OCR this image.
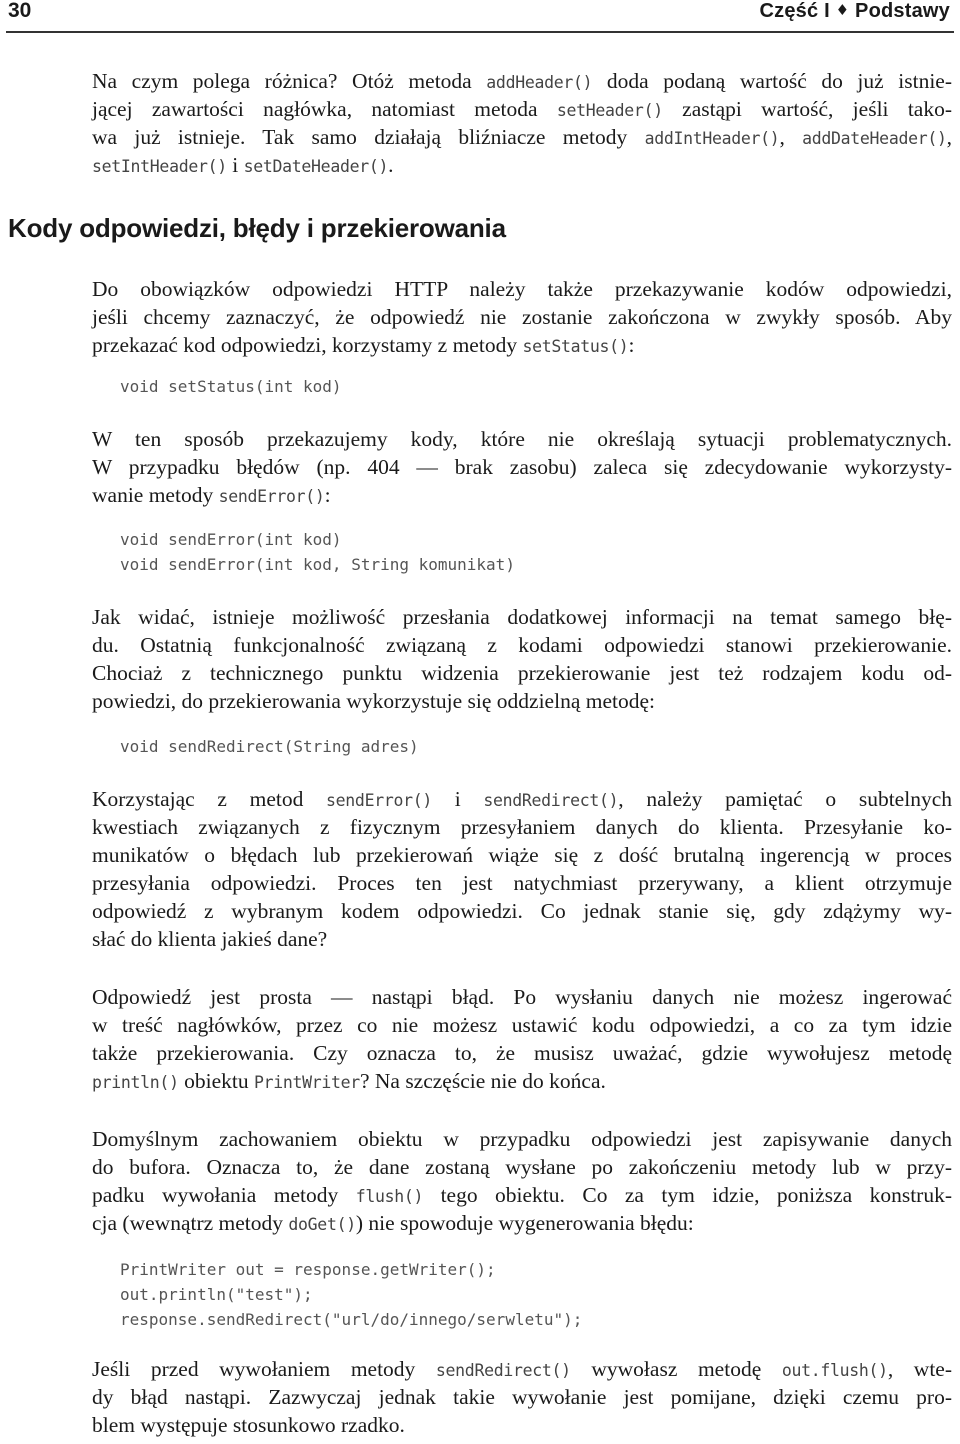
30	Część I ♦ Podstawy
Na czym polega różnica? Otóż metoda addHeader() doda podaną wartość do już istnie-
jącej zawartości nagłówka, natomiast metoda setHeader() zastąpi wartość, jeśli tako-
wa już istnieje. Tak samo działają bliźniacze metody addIntHeader(), addDateHeader(),
setIntHeader() i setDateHeader().
Do obowiązków odpowiedzi HTTP należy także przekazywanie kodów odpowiedzi,
jeśli chcemy zaznaczyć, że odpowiedź nie zostanie zakończona w zwykły sposób. Aby
przekazać kod odpowiedzi, korzystamy z metody setStatus():
W ten sposób przekazujemy kody, które nie określają sytuacji problematycznych.
W przypadku błędów (np. 404 — brak zasobu) zaleca się zdecydowanie wykorzysty-
wanie metody sendError():
Jak widać, istnieje możliwość przesłania dodatkowej informacji na temat samego błę-
du. Ostatnią funkcjonalność związaną z kodami odpowiedzi stanowi przekierowanie.
Chociaż z technicznego punktu widzenia przekierowanie jest też rodzajem kodu od-
powiedzi, do przekierowania wykorzystuje się oddzielną metodę:
Korzystając z metod sendError() i sendRedirect(), należy pamiętać o subtelnych
kwestiach związanych z fizycznym przesyłaniem danych do klienta. Przesyłanie ko-
munikatów o błędach lub przekierowań wiąże się z dość brutalną ingerencją w proces
przesyłania odpowiedzi. Proces ten jest natychmiast przerywany, a klient otrzymuje
odpowiedź z wybranym kodem odpowiedzi. Co jednak stanie się, gdy zdążymy wy-
słać do klienta jakieś dane?
Odpowiedź jest prosta — nastąpi błąd. Po wysłaniu danych nie możesz ingerować
w treść nagłówków, przez co nie możesz ustawić kodu odpowiedzi, a co za tym idzie
także przekierowania. Czy oznacza to, że musisz uważać, gdzie wywołujesz metodę
println() obiektu PrintWriter? Na szczęście nie do końca.
Domyślnym zachowaniem obiektu w przypadku odpowiedzi jest zapisywanie danych
do bufora. Oznacza to, że dane zostaną wysłane po zakończeniu metody lub w przy-
padku wywołania metody flush() tego obiektu. Co za tym idzie, poniższa konstruk-
cja (wewnątrz metody doGet()) nie spowoduje wygenerowania błędu:
Jeśli przed wywołaniem metody sendRedirect() wywołasz metodę out.flush(), wte-
dy błąd nastąpi. Zazwyczaj jednak takie wywołanie jest pomijane, dzięki czemu pro-
blem występuje stosunkowo rzadko.
Kody odpowiedzi, błędy i przekierowania
void setStatus(int kod)
void sendError(int kod)
void sendError(int kod, String komunikat)
void sendRedirect(String adres)
PrintWriter out = response.getWriter();
out.println("test");
response.sendRedirect("url/do/innego/serwletu");
